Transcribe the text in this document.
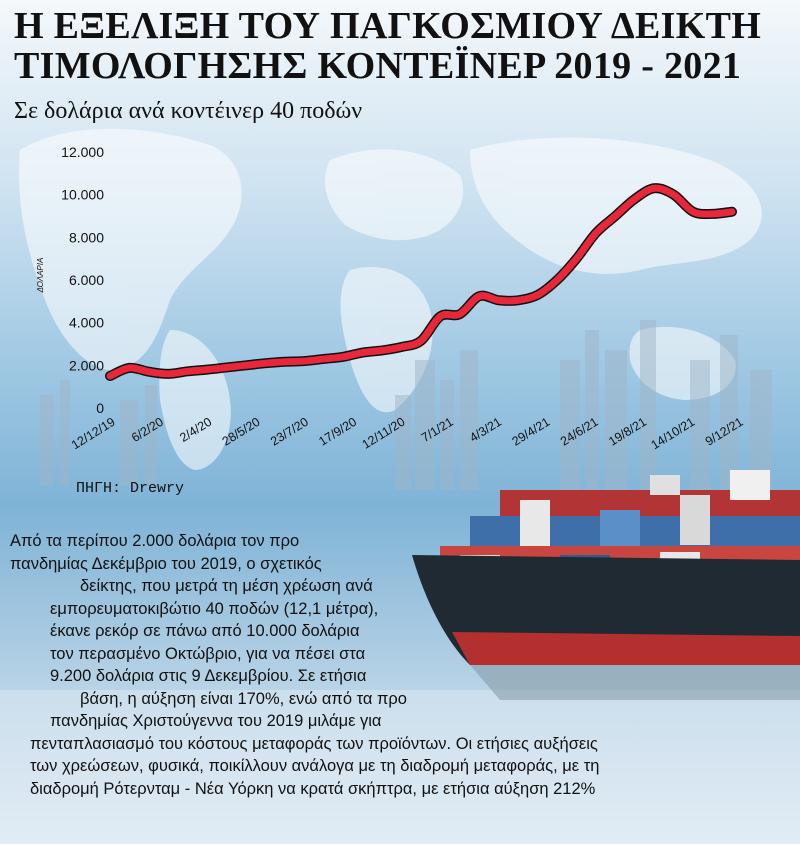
Η ΕΞΕΛΙΞΗ ΤΟΥ ΠΑΓΚΟΣΜΙΟΥ ΔΕΙΚΤΗ
ΤΙΜΟΛΟΓΗΣΗΣ ΚΟΝΤΕΪΝΕΡ 2019 - 2021
Σε δολάρια ανά κοντέινερ 40 ποδών
0
2.000
4.000
6.000
8.000
10.000
12.000
12/12/19 6/2/20 2/4/20 28/5/20 23/7/20 17/9/20 12/11/20 7/1/21 4/3/21 29/4/21 24/6/21 19/8/21 14/10/21 9/12/21
ΔΟΛΑΡΙΑ
ΠΗΓΗ: Drewry
Από τα περίπου 2.000 δολάρια τον προ
πανδημίας Δεκέμβριο του 2019, ο σχετικός
δείκτης, που μετρά τη μέση χρέωση ανά
εμπορευματοκιβώτιο 40 ποδών (12,1 μέτρα),
έκανε ρεκόρ σε πάνω από 10.000 δολάρια
τον περασμένο Οκτώβριο, για να πέσει στα
9.200 δολάρια στις 9 Δεκεμβρίου. Σε ετήσια
βάση, η αύξηση είναι 170%, ενώ από τα προ
πανδημίας Χριστούγεννα του 2019 μιλάμε για
πενταπλασιασμό του κόστους μεταφοράς των προϊόντων. Οι ετήσιες αυξήσεις
των χρεώσεων, φυσικά, ποικίλλουν ανάλογα με τη διαδρομή μεταφοράς, με τη
διαδρομή Ρότερνταμ - Νέα Υόρκη να κρατά σκήπτρα, με ετήσια αύξηση 212%
